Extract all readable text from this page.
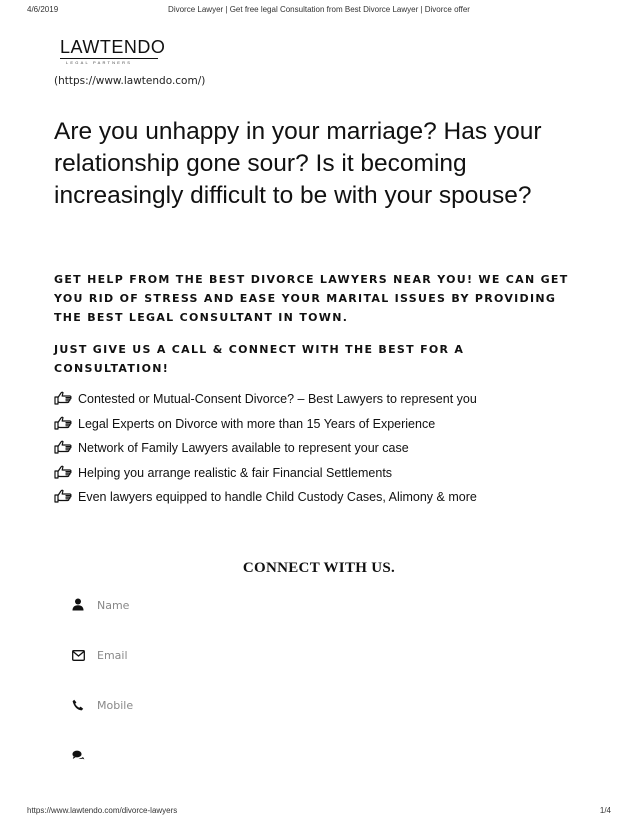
4/6/2019	Divorce Lawyer | Get free legal Consultation from Best Divorce Lawyer | Divorce offer
LAWTENDO
LEGAL PARTNERS
(https://www.lawtendo.com/)
Are you unhappy in your marriage? Has your relationship gone sour? Is it becoming increasingly difficult to be with your spouse?

GET HELP FROM THE BEST DIVORCE LAWYERS NEAR YOU! WE CAN GET YOU RID OF STRESS AND EASE YOUR MARITAL ISSUES BY PROVIDING THE BEST LEGAL CONSULTANT IN TOWN.

JUST GIVE US A CALL & CONNECT WITH THE BEST FOR A CONSULTATION!

Contested or Mutual-Consent Divorce? – Best Lawyers to represent you
Legal Experts on Divorce with more than 15 Years of Experience
Network of Family Lawyers available to represent your case
Helping you arrange realistic & fair Financial Settlements
Even lawyers equipped to handle Child Custody Cases, Alimony & more
CONNECT WITH US.
Name
Email
Mobile
https://www.lawtendo.com/divorce-lawyers	1/4
